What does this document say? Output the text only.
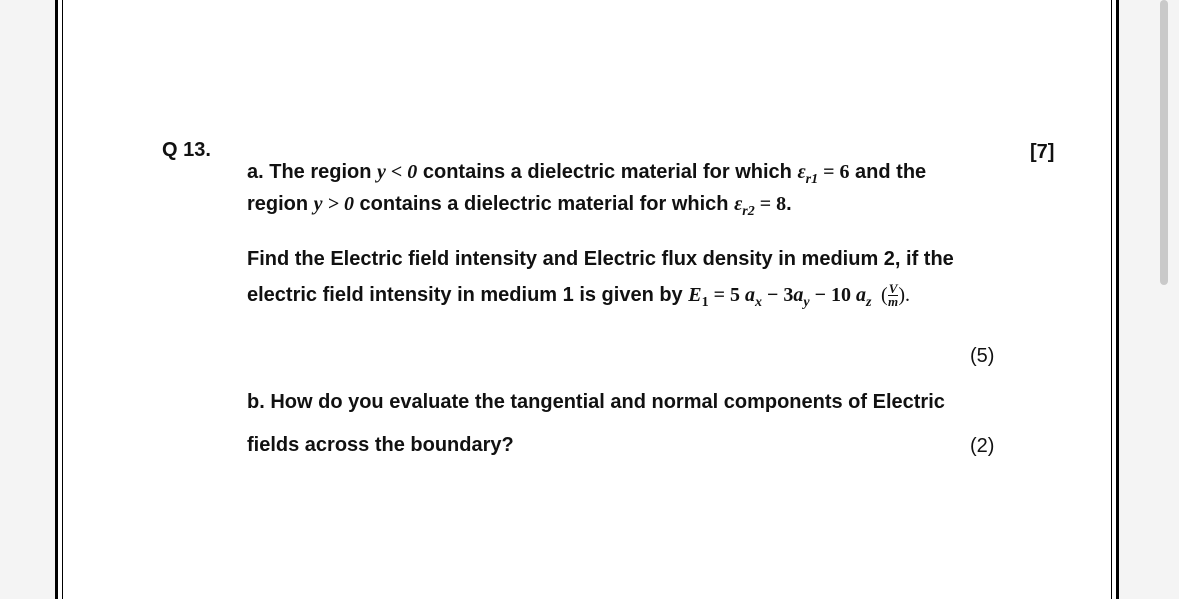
Q 13.	[7]
a. The region y < 0 contains a dielectric material for which $\varepsilon_{r1} = 6$ and the
region y > 0 contains a dielectric material for which $\varepsilon_{r2} = 8$.
Find the Electric field intensity and Electric flux density in medium 2, if the
electric field intensity in medium 1 is given by $E_1 = 5$ $a_x - 3a_y - 10$ $a_z$ ( $\frac{V}{m}$ ).
(5)
b. How do you evaluate the tangential and normal components of Electric
fields across the boundary?	(2)
